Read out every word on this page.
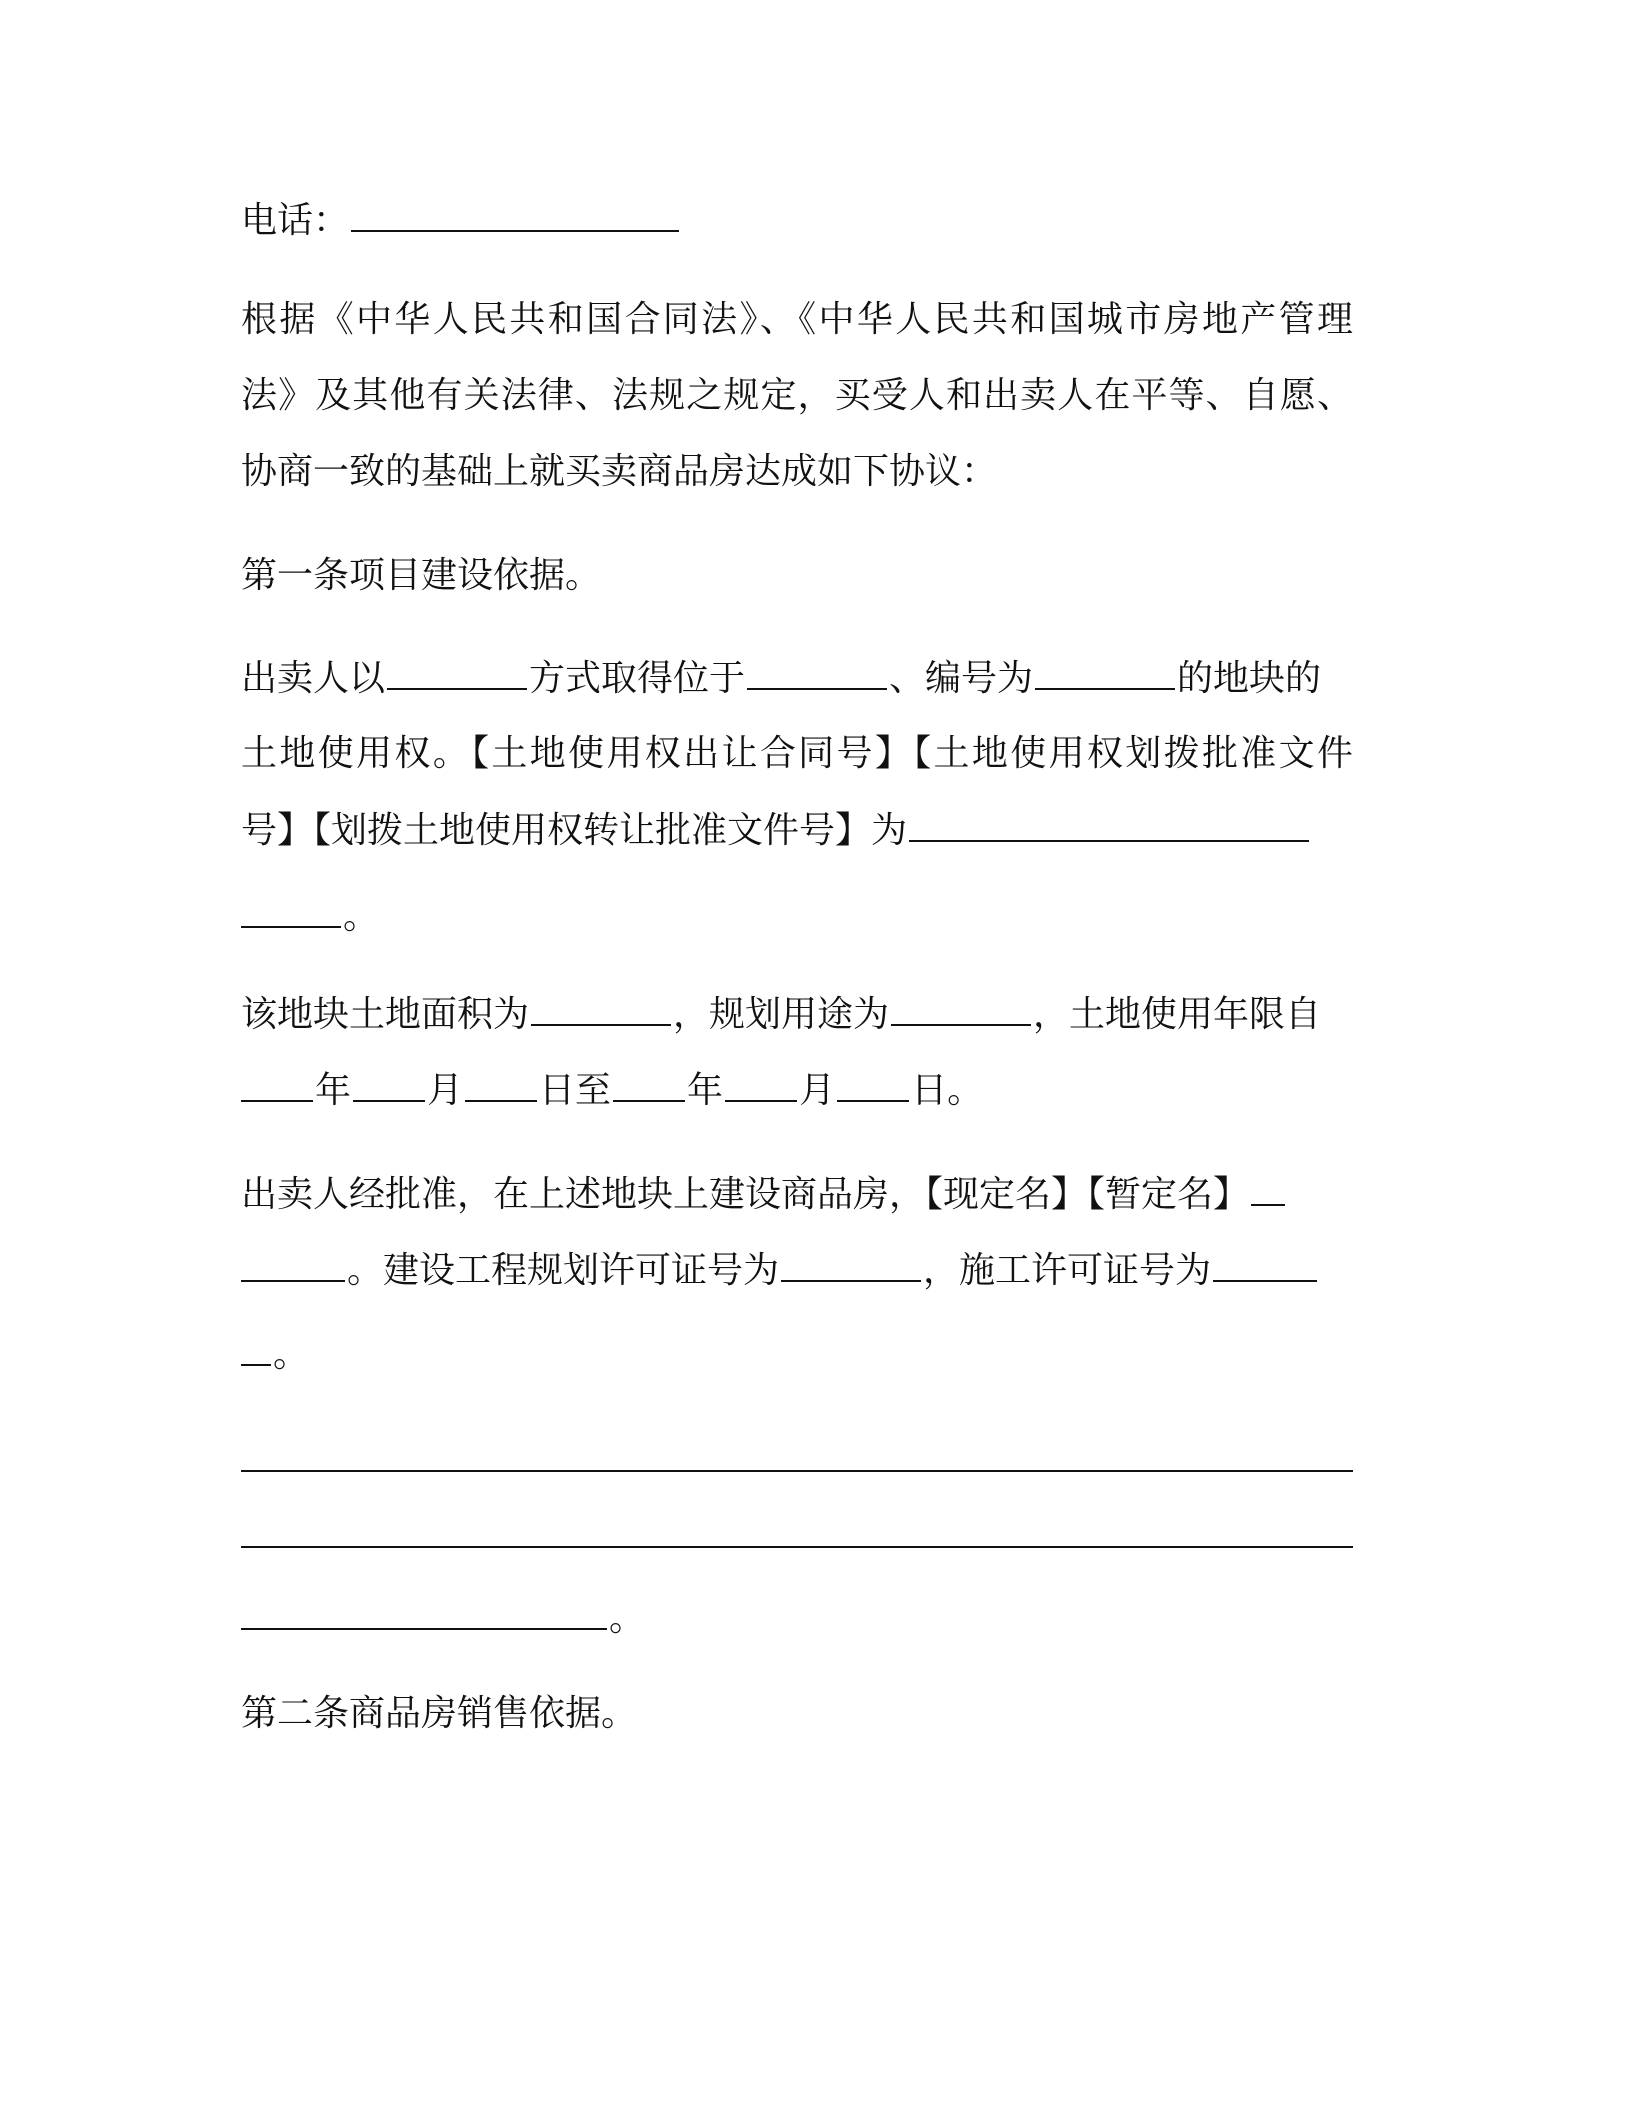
电话：
根据《中华人民共和国合同法》、《中华人民共和国城市房地产管理
法》及其他有关法律、法规之规定，买受人和出卖人在平等、自愿、
协商一致的基础上就买卖商品房达成如下协议：
第一条项目建设依据。
出卖人以	方式取得位于	、编号为	的地块的
土地使用权。【土地使用权出让合同号】【土地使用权划拨批准文件
号】【划拨土地使用权转让批准文件号】为
。
该地块土地面积为	，规划用途为	，土地使用年限自
年 月 日至 年 月 日。
出卖人经批准，在上述地块上建设商品房，【现定名】【暂定名】
。建设工程规划许可证号为	，施工许可证号为
。
。
第二条商品房销售依据。
